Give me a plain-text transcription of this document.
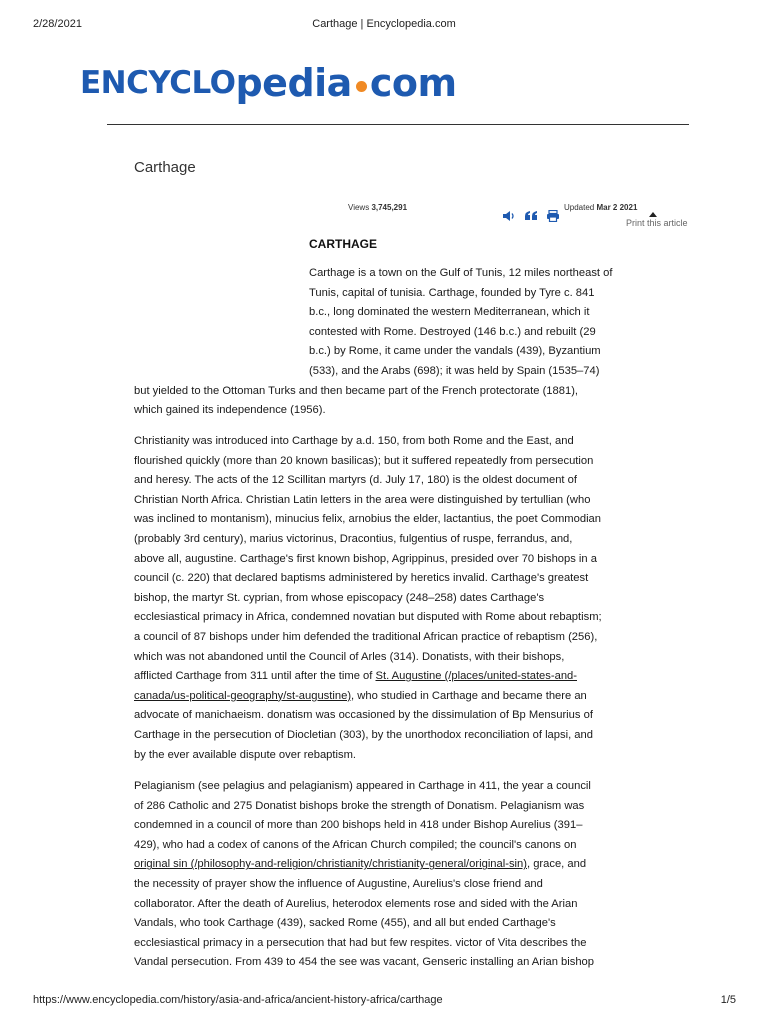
2/28/2021	Carthage | Encyclopedia.com
ENCYCLO pedia com
Carthage
Views 3,745,291	Updated Mar 2 2021
Print this article
CARTHAGE
Carthage is a town on the Gulf of Tunis, 12 miles northeast of
Tunis, capital of tunisia. Carthage, founded by Tyre c. 841
b.c., long dominated the western Mediterranean, which it
contested with Rome. Destroyed (146 b.c.) and rebuilt (29
b.c.) by Rome, it came under the vandals (439), Byzantium
(533), and the Arabs (698); it was held by Spain (1535–74)
but yielded to the Ottoman Turks and then became part of the French protectorate (1881),
which gained its independence (1956).
Christianity was introduced into Carthage by a.d. 150, from both Rome and the East, and
flourished quickly (more than 20 known basilicas); but it suffered repeatedly from persecution
and heresy. The acts of the 12 Scillitan martyrs (d. July 17, 180) is the oldest document of
Christian North Africa. Christian Latin letters in the area were distinguished by tertullian (who
was inclined to montanism), minucius felix, arnobius the elder, lactantius, the poet Commodian
(probably 3rd century), marius victorinus, Dracontius, fulgentius of ruspe, ferrandus, and,
above all, augustine. Carthage's first known bishop, Agrippinus, presided over 70 bishops in a
council (c. 220) that declared baptisms administered by heretics invalid. Carthage's greatest
bishop, the martyr St. cyprian, from whose episcopacy (248–258) dates Carthage's
ecclesiastical primacy in Africa, condemned novatian but disputed with Rome about rebaptism;
a council of 87 bishops under him defended the traditional African practice of rebaptism (256),
which was not abandoned until the Council of Arles (314). Donatists, with their bishops,
afflicted Carthage from 311 until after the time of St. Augustine (/places/united-states-and-
canada/us-political-geography/st-augustine), who studied in Carthage and became there an
advocate of manichaeism. donatism was occasioned by the dissimulation of Bp Mensurius of
Carthage in the persecution of Diocletian (303), by the unorthodox reconciliation of lapsi, and
by the ever available dispute over rebaptism.
Pelagianism (see pelagius and pelagianism) appeared in Carthage in 411, the year a council
of 286 Catholic and 275 Donatist bishops broke the strength of Donatism. Pelagianism was
condemned in a council of more than 200 bishops held in 418 under Bishop Aurelius (391–
429), who had a codex of canons of the African Church compiled; the council's canons on
original sin (/philosophy-and-religion/christianity/christianity-general/original-sin), grace, and
the necessity of prayer show the influence of Augustine, Aurelius's close friend and
collaborator. After the death of Aurelius, heterodox elements rose and sided with the Arian
Vandals, who took Carthage (439), sacked Rome (455), and all but ended Carthage's
ecclesiastical primacy in a persecution that had but few respites. victor of Vita describes the
Vandal persecution. From 439 to 454 the see was vacant, Genseric installing an Arian bishop
https://www.encyclopedia.com/history/asia-and-africa/ancient-history-africa/carthage	1/5
